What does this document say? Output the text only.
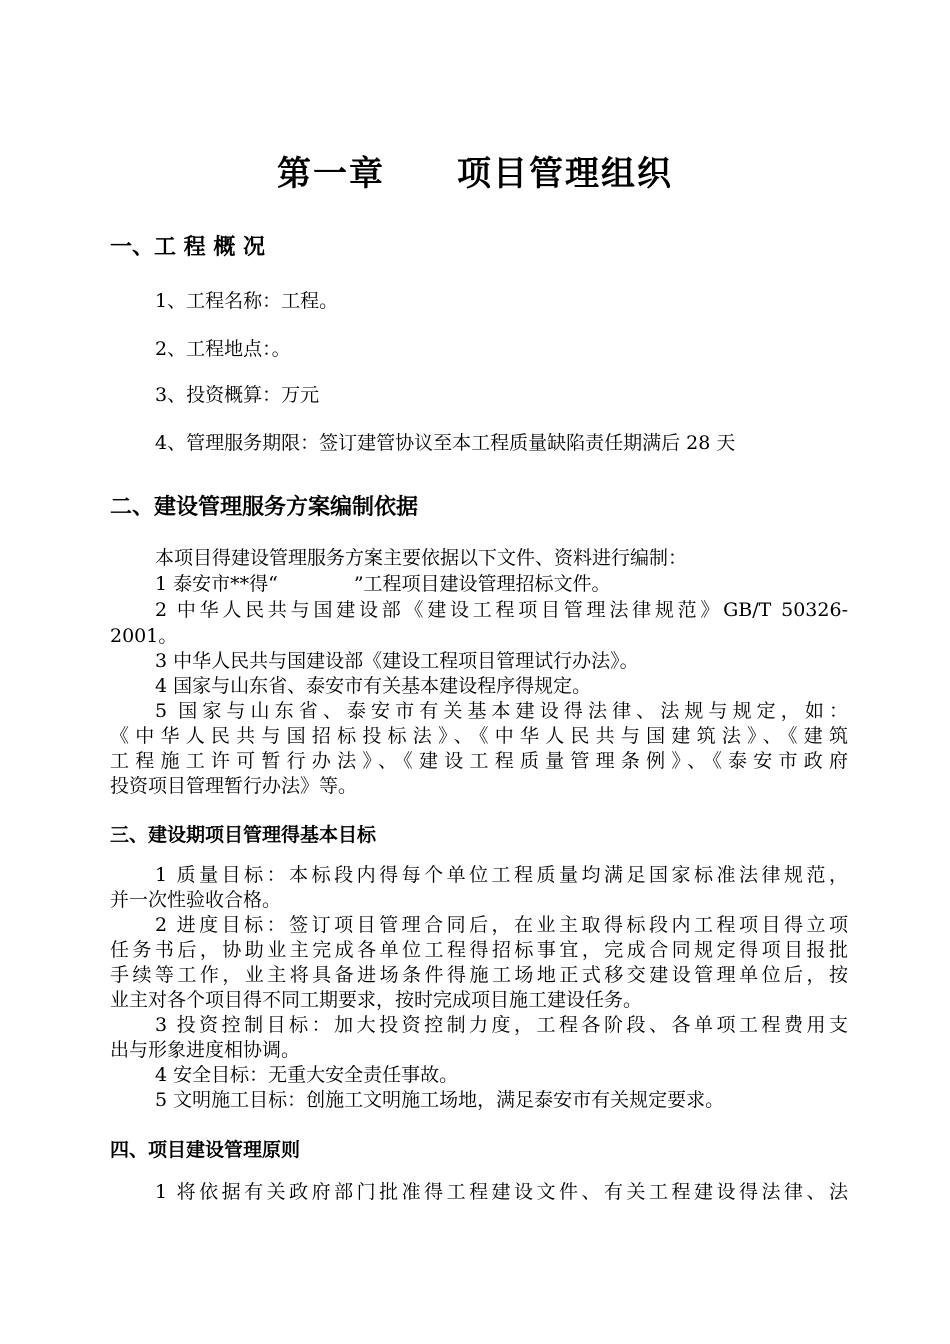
第一章　　项目管理组织
一、工 程 概 况
1、工程名称：工程。
2、工程地点：。
3、投资概算：万元
4、管理服务期限：签订建管协议至本工程质量缺陷责任期满后 28 天
二、建设管理服务方案编制依据
本项目得建设管理服务方案主要依据以下文件、资料进行编制：
1 泰安市**得“　　　　”工程项目建设管理招标文件。
2 中华人民共与国建设部《建设工程项目管理法律规范》GB/T 50326-
2001。
3 中华人民共与国建设部《建设工程项目管理试行办法》。
4 国家与山东省、泰安市有关基本建设程序得规定。
5 国家与山东省、泰安市有关基本建设得法律、法规与规定，如：
《中华人民共与国招标投标法》、《中华人民共与国建筑法》、《建筑
工程施工许可暂行办法》、《建设工程质量管理条例》、《泰安市政府
投资项目管理暂行办法》等。
三、建设期项目管理得基本目标
1 质量目标：本标段内得每个单位工程质量均满足国家标准法律规范，
并一次性验收合格。
2 进度目标：签订项目管理合同后，在业主取得标段内工程项目得立项
任务书后，协助业主完成各单位工程得招标事宜，完成合同规定得项目报批
手续等工作，业主将具备进场条件得施工场地正式移交建设管理单位后，按
业主对各个项目得不同工期要求，按时完成项目施工建设任务。
3 投资控制目标：加大投资控制力度，工程各阶段、各单项工程费用支
出与形象进度相协调。
4 安全目标：无重大安全责任事故。
5 文明施工目标：创施工文明施工场地，满足泰安市有关规定要求。
四、项目建设管理原则
1 将依据有关政府部门批准得工程建设文件、有关工程建设得法律、法
